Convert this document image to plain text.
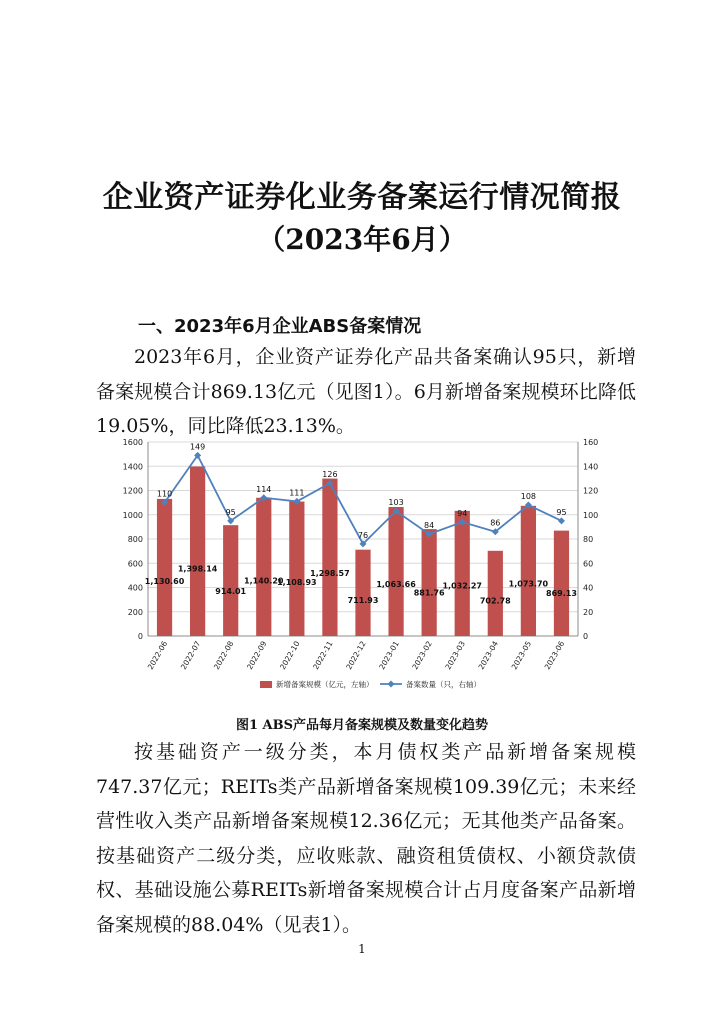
企业资产证券化业务备案运行情况简报
（2023年6月）
一、2023年6月企业ABS备案情况
2023年6月，企业资产证券化产品共备案确认95只，新增备案规模合计869.13亿元（见图1）。6月新增备案规模环比降低19.05%，同比降低23.13%。
0
200
400
600
800
1000
1200
1400
1600
0
20
40
60
80
100
120
140
160
2022-06 2022-07 2022-08 2022-09 2022-10 2022-11 2022-12 2023-01 2023-02 2023-03 2023-04 2023-05 2023-06
1,130.60
1,398.14
914.01
1,140.20
1,108.93
1,298.57
711.93
1,063.66
881.76
1,032.27
702.78
1,073.70
869.13
110
149
95
114 111
126
76
103
84
94
86
108
95
新增备案规模（亿元，左轴）	备案数量（只，右轴）
图1 ABS产品每月备案规模及数量变化趋势
按基础资产一级分类，本月债权类产品新增备案规模747.37亿元；REITs类产品新增备案规模109.39亿元；未来经营性收入类产品新增备案规模12.36亿元；无其他类产品备案。按基础资产二级分类，应收账款、融资租赁债权、小额贷款债权、基础设施公募REITs新增备案规模合计占月度备案产品新增备案规模的88.04%（见表1）。
1
